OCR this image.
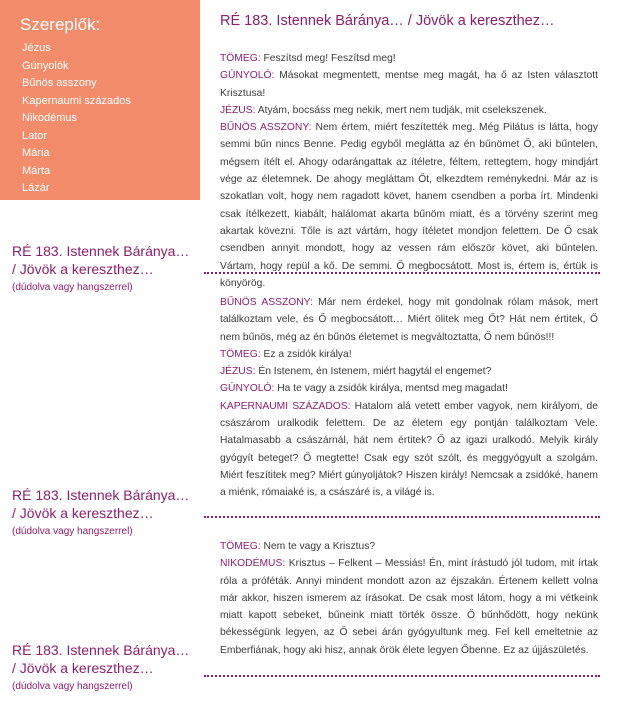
Szereplők:
Jézus
Gúnyolók
Bűnös asszony
Kapernaumi százados
Nikodémus
Lator
Mária
Márta
Lázár
RÉ 183. Istennek Báránya… / Jövök a kereszthez…
RÉ 183. Istennek Báránya…
/ Jövök a kereszthez…
(dúdolva vagy hangszerrel)
RÉ 183. Istennek Báránya…
/ Jövök a kereszthez…
(dúdolva vagy hangszerrel)
RÉ 183. Istennek Báránya…
/ Jövök a kereszthez…
(dúdolva vagy hangszerrel)

TÖMEG: Feszítsd meg! Feszítsd meg!

GÚNYOLÓ: Másokat megmentett, mentse meg magát, ha ő az Isten választott Krisztusa!

JÉZUS: Atyám, bocsáss meg nekik, mert nem tudják, mit cselekszenek.

BŰNÖS ASSZONY: Nem értem, miért feszítették meg. Még Pilátus is látta, hogy semmi bűn nincs Benne. Pedig egyből meglátta az én bűnömet Ő, aki bűntelen, mégsem ítélt el. Ahogy odarángattak az ítéletre, féltem, rettegtem, hogy mindjárt vége az életemnek. De ahogy megláttam Őt, elkezdtem reménykedni. Már az is szokatlan volt, hogy nem ragadott követ, hanem csendben a porba írt. Mindenki csak ítélkezett, kiabált, halálomat akarta bűnöm miatt, és a törvény szerint meg akartak kövezni. Tőle is azt vártám, hogy ítéletet mondjon felettem. De Ő csak csendben annyit mondott, hogy az vessen rám először követ, aki bűntelen. Vártam, hogy repül a kő. De semmi. Ő megbocsátott. Most is, értem is, értük is könyörög.

BŰNÖS ASSZONY: Már nem érdekel, hogy mit gondolnak rólam mások, mert találkoztam vele, és Ő megbocsátott… Miért ölitek meg Őt? Hát nem értitek, Ő nem bűnös, még az én bűnös életemet is megváltoztatta, Ő nem bűnös!!!

TÖMEG: Ez a zsidók királya!

JÉZUS: Én Istenem, én Istenem, miért hagytál el engemet?

GÚNYOLÓ: Ha te vagy a zsidók királya, mentsd meg magadat!

KAPERNAUMI SZÁZADOS: Hatalom alá vetett ember vagyok, nem királyom, de császárom uralkodik felettem. De az életem egy pontján találkoztam Vele. Hatalmasabb a császárnál, hát nem értitek? Ő az igazi uralkodó. Melyik király gyógyít beteget? Ő megtette! Csak egy szót szólt, és meggyógyult a szolgám. Miért feszítitek meg? Miért gúnyoljátok? Hiszen király! Nemcsak a zsidóké, hanem a miénk, rómaiaké is, a császáré is, a világé is.

TÖMEG: Nem te vagy a Krisztus?

NIKODÉMUS: Krisztus – Felkent – Messiás! Én, mint írástudó jól tudom, mit írtak róla a próféták. Annyi mindent mondott azon az éjszakán. Értenem kellett volna már akkor, hiszen ismerem az írásokat. De csak most látom, hogy a mi vétkeink miatt kapott sebeket, bűneink miatt törték össze. Ő bűnhődött, hogy nekünk békességünk legyen, az Ő sebei árán gyógyultunk meg. Fel kell emeltetnie az Emberfiának, hogy aki hisz, annak örök élete legyen Őbenne. Ez az újjászületés.
